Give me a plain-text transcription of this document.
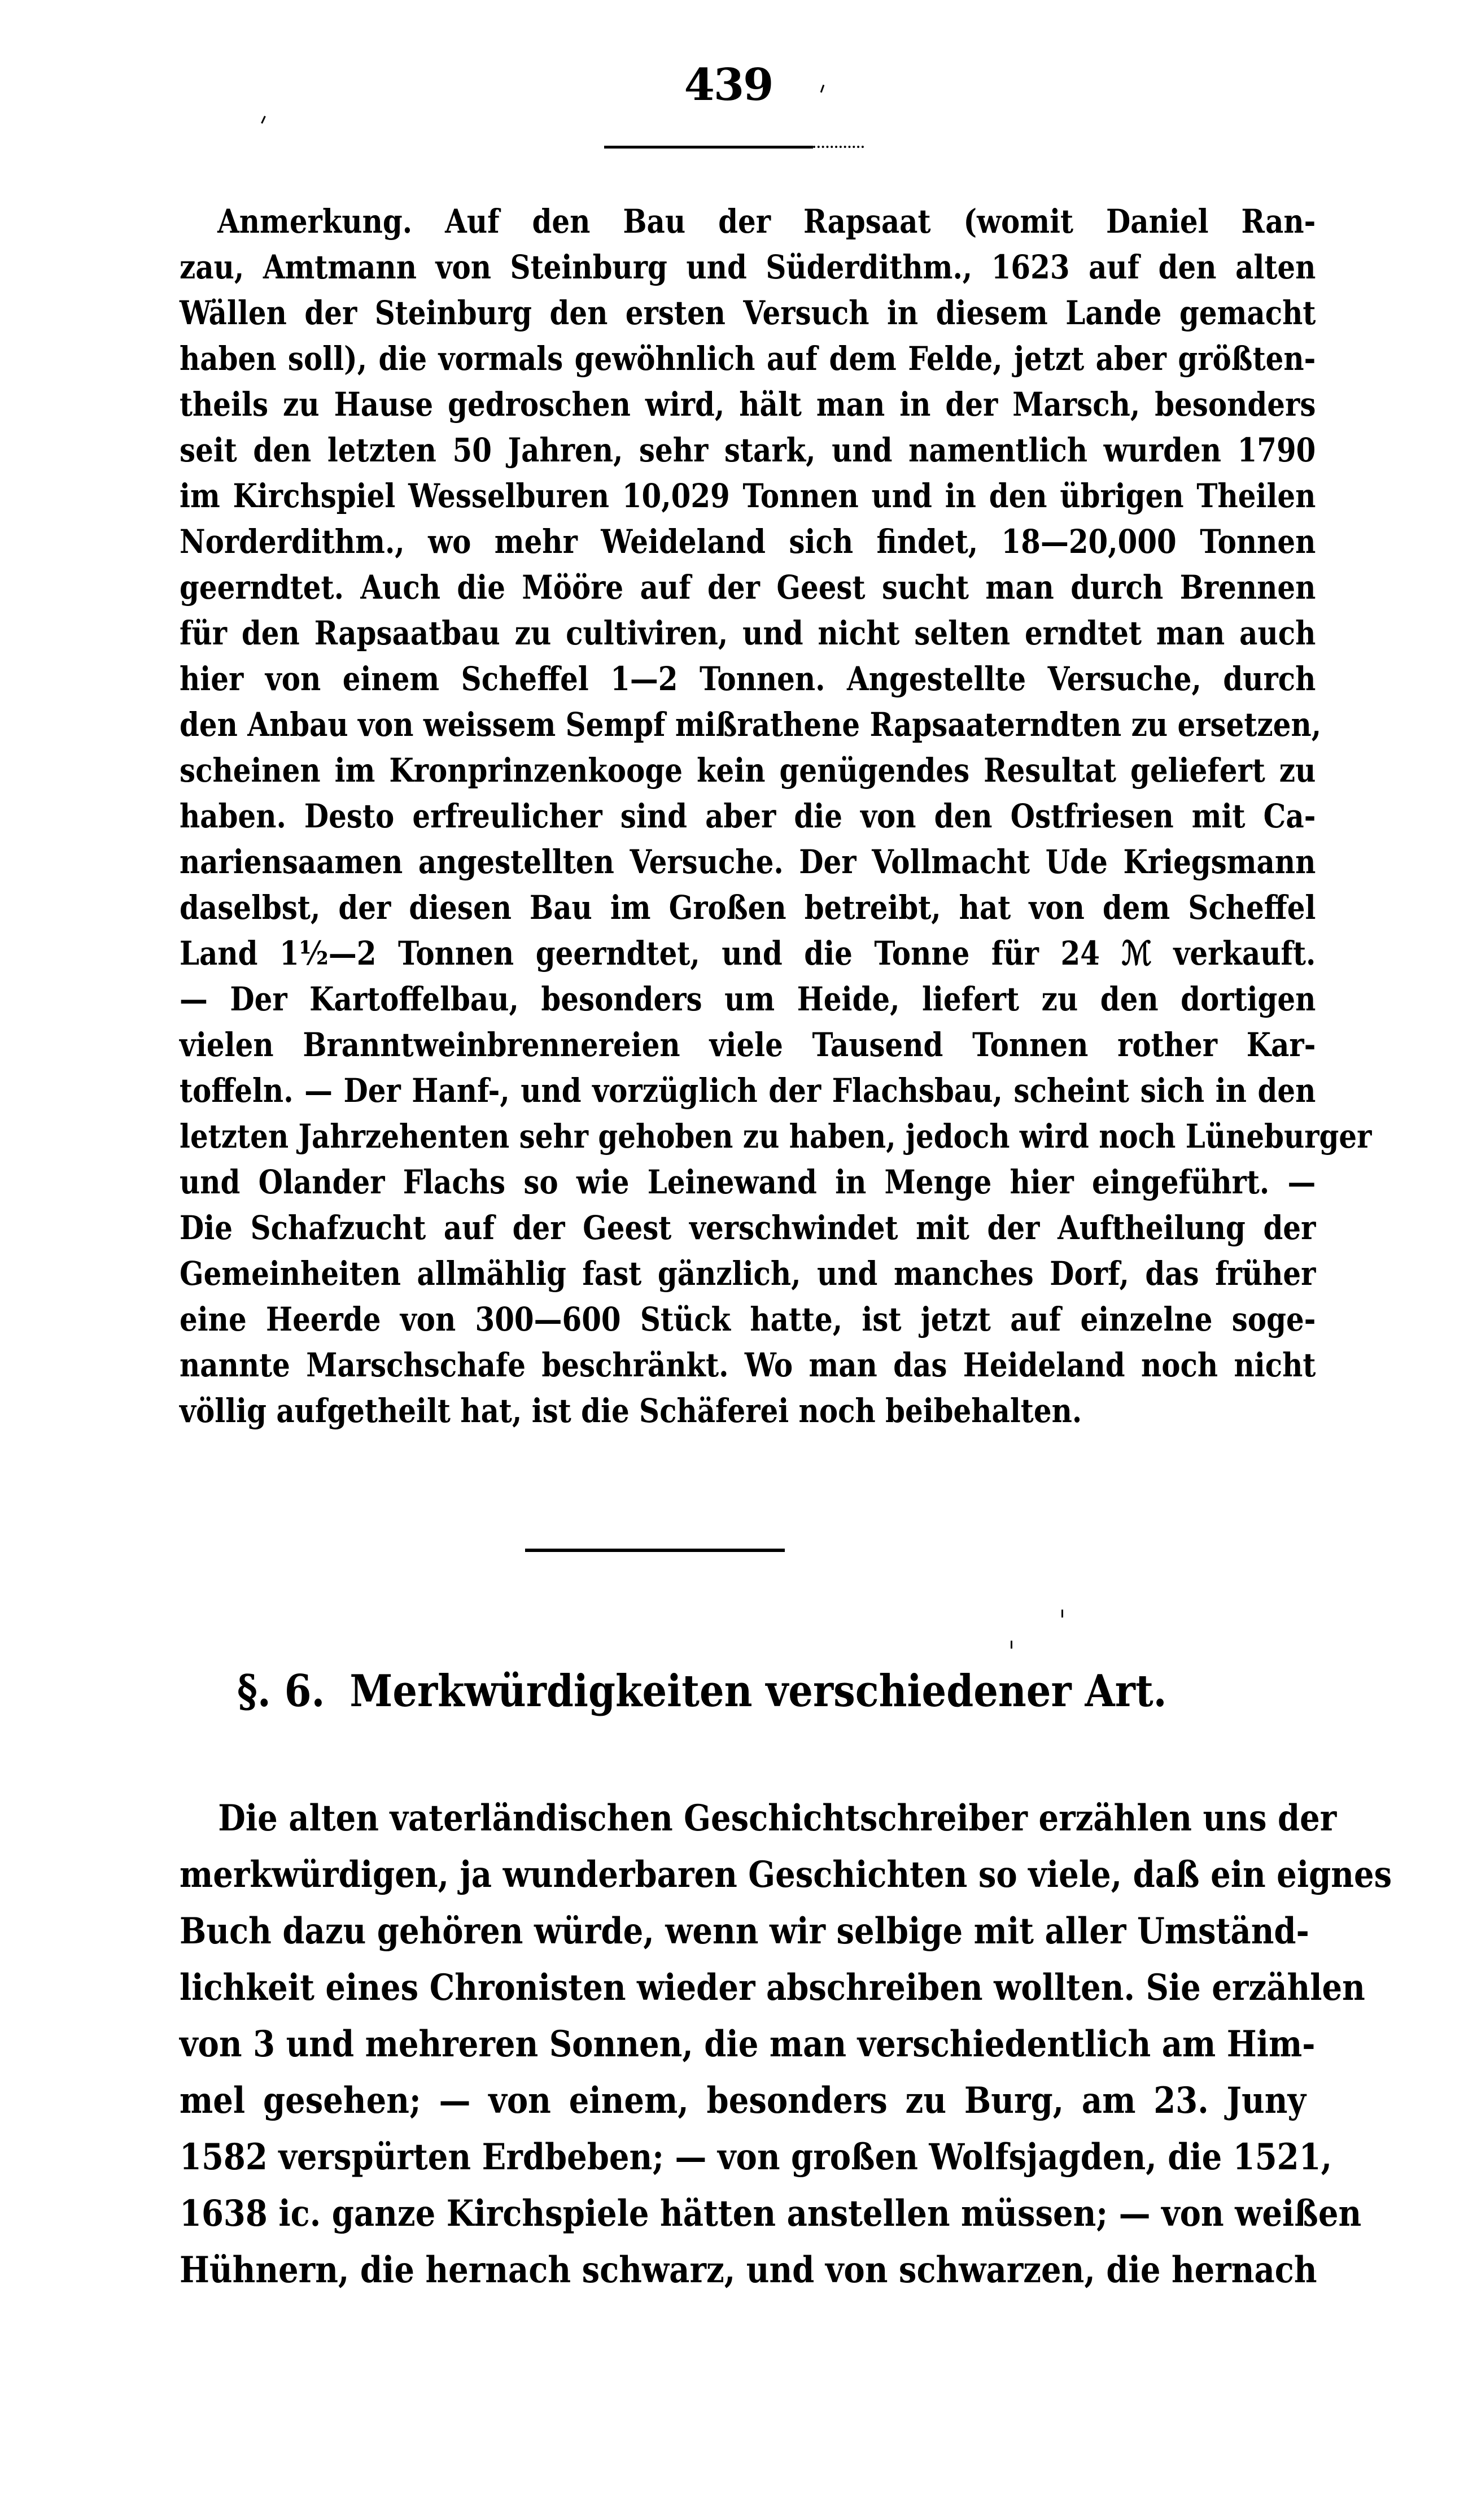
439
Anmerkung. Auf den Bau der Rapsaat (womit Daniel Ran-
zau, Amtmann von Steinburg und Süderdithm., 1623 auf den alten
Wällen der Steinburg den ersten Versuch in diesem Lande gemacht
haben soll), die vormals gewöhnlich auf dem Felde, jetzt aber größten-
theils zu Hause gedroschen wird, hält man in der Marsch, besonders
seit den letzten 50 Jahren, sehr stark, und namentlich wurden 1790
im Kirchspiel Wesselburen 10,029 Tonnen und in den übrigen Theilen
Norderdithm., wo mehr Weideland sich findet, 18—20,000 Tonnen
geerndtet. Auch die Mööre auf der Geest sucht man durch Brennen
für den Rapsaatbau zu cultiviren, und nicht selten erndtet man auch
hier von einem Scheffel 1—2 Tonnen. Angestellte Versuche, durch
den Anbau von weissem Sempf mißrathene Rapsaaterndten zu ersetzen,
scheinen im Kronprinzenkooge kein genügendes Resultat geliefert zu
haben. Desto erfreulicher sind aber die von den Ostfriesen mit Ca-
nariensaamen angestellten Versuche. Der Vollmacht Ude Kriegsmann
daselbst, der diesen Bau im Großen betreibt, hat von dem Scheffel
Land 1½—2 Tonnen geerndtet, und die Tonne für 24 ℳ verkauft.
— Der Kartoffelbau, besonders um Heide, liefert zu den dortigen
vielen Branntweinbrennereien viele Tausend Tonnen rother Kar-
toffeln. — Der Hanf-, und vorzüglich der Flachsbau, scheint sich in den
letzten Jahrzehenten sehr gehoben zu haben, jedoch wird noch Lüneburger
und Olander Flachs so wie Leinewand in Menge hier eingeführt. —
Die Schafzucht auf der Geest verschwindet mit der Auftheilung der
Gemeinheiten allmählig fast gänzlich, und manches Dorf, das früher
eine Heerde von 300—600 Stück hatte, ist jetzt auf einzelne soge-
nannte Marschschafe beschränkt. Wo man das Heideland noch nicht
völlig aufgetheilt hat, ist die Schäferei noch beibehalten.
§. 6. Merkwürdigkeiten verschiedener Art.
Die alten vaterländischen Geschichtschreiber erzählen uns der
merkwürdigen, ja wunderbaren Geschichten so viele, daß ein eignes
Buch dazu gehören würde, wenn wir selbige mit aller Umständ-
lichkeit eines Chronisten wieder abschreiben wollten. Sie erzählen
von 3 und mehreren Sonnen, die man verschiedentlich am Him-
mel gesehen; — von einem, besonders zu Burg, am 23. Juny
1582 verspürten Erdbeben; — von großen Wolfsjagden, die 1521,
1638 ic. ganze Kirchspiele hätten anstellen müssen; — von weißen
Hühnern, die hernach schwarz, und von schwarzen, die hernach
